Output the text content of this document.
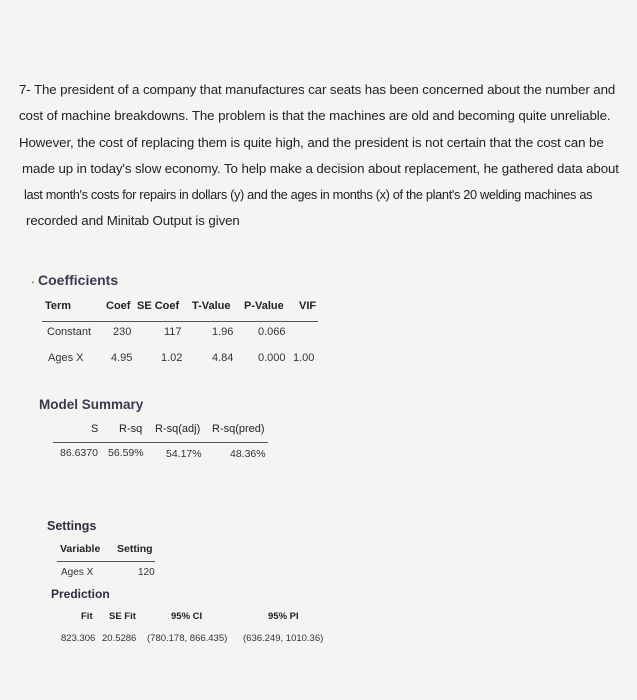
7- The president of a company that manufactures car seats has been concerned about the number and
cost of machine breakdowns. The problem is that the machines are old and becoming quite unreliable.
However, the cost of replacing them is quite high, and the president is not certain that the cost can be
made up in today's slow economy. To help make a decision about replacement, he gathered data about
last month's costs for repairs in dollars (y) and the ages in months (x) of the plant's 20 welding machines as
recorded and Minitab Output is given
. Coefficients
Term	Coef SE Coef T-Value P-Value VIF
Constant 230	117	1.96 0.066
Ages X	4.95	1.02	4.84 0.000 1.00
Model Summary
S R-sq R-sq(adj) R-sq(pred)
86.6370 56.59% 54.17%	48.36%
Settings
Variable Setting
Ages X	120
Prediction
Fit SE Fit	95% CI	95% PI
823.306 20.5286 (780.178, 866.435) (636.249, 1010.36)
